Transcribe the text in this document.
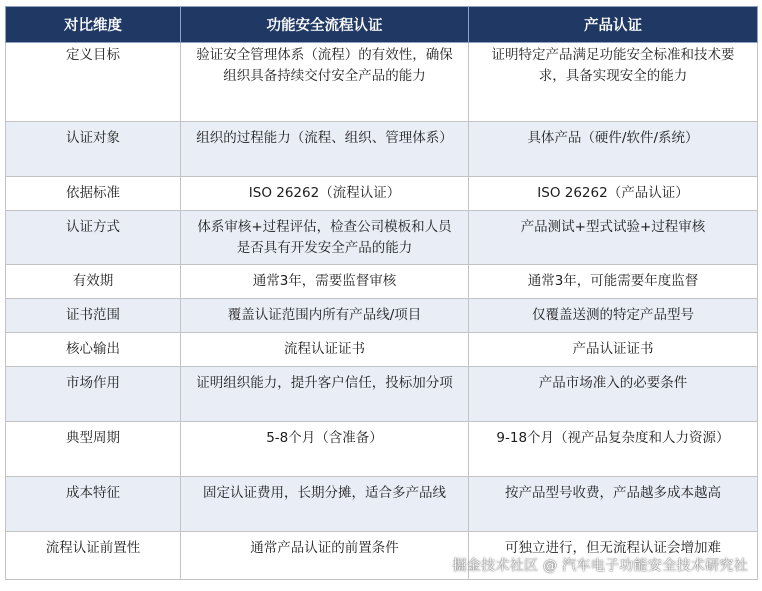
对比维度	功能安全流程认证	产品认证
定义目标	验证安全管理体系（流程）的有效性，确保组织具备持续交付安全产品的能力	证明特定产品满足功能安全标准和技术要求，具备实现安全的能力
认证对象	组织的过程能力（流程、组织、管理体系）	具体产品（硬件/软件/系统）
依据标准	ISO 26262（流程认证）	ISO 26262（产品认证）
认证方式	体系审核+过程评估，检查公司模板和人员是否具有开发安全产品的能力	产品测试+型式试验+过程审核
有效期	通常3年，需要监督审核	通常3年，可能需要年度监督
证书范围	覆盖认证范围内所有产品线/项目	仅覆盖送测的特定产品型号
核心输出	流程认证证书	产品认证证书
市场作用	证明组织能力，提升客户信任，投标加分项	产品市场准入的必要条件
典型周期	5-8个月（含准备）	9-18个月（视产品复杂度和人力资源）
成本特征	固定认证费用，长期分摊，适合多产品线	按产品型号收费，产品越多成本越高
流程认证前置性	通常产品认证的前置条件	可独立进行，但无流程认证会增加难
掘金技术社区 @ 汽车电子功能安全技术研究社
